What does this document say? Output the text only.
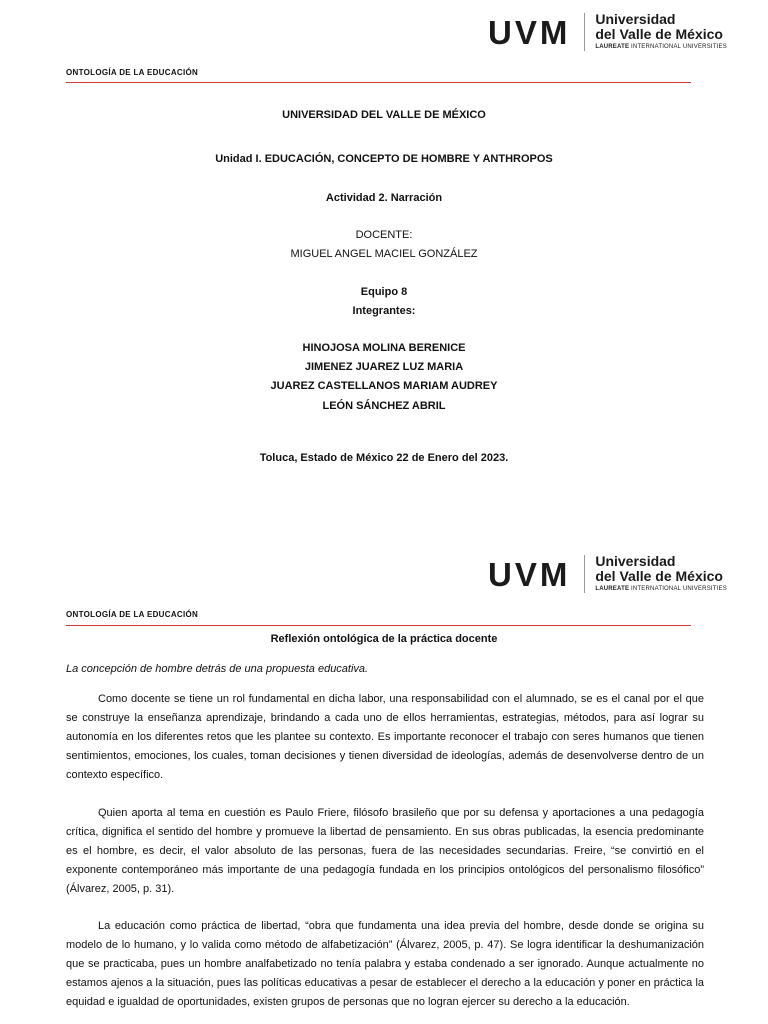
UVM Universidad
del Valle de México
LAUREATE INTERNATIONAL UNIVERSITIES
ONTOLOGÍA DE LA EDUCACIÓN
UNIVERSIDAD DEL VALLE DE MÉXICO
Unidad I. EDUCACIÓN, CONCEPTO DE HOMBRE Y ANTHROPOS
Actividad 2. Narración
DOCENTE:
MIGUEL ANGEL MACIEL GONZÁLEZ
Equipo 8
Integrantes:
HINOJOSA MOLINA BERENICE
JIMENEZ JUAREZ LUZ MARIA
JUAREZ CASTELLANOS MARIAM AUDREY
LEÓN SÁNCHEZ ABRIL
Toluca, Estado de México 22 de Enero del 2023.
UVM Universidad
del Valle de México
LAUREATE INTERNATIONAL UNIVERSITIES
ONTOLOGÍA DE LA EDUCACIÓN
Reflexión ontológica de la práctica docente
La concepción de hombre detrás de una propuesta educativa.

Como docente se tiene un rol fundamental en dicha labor, una responsabilidad con el alumnado, se es el canal por el que se construye la enseñanza aprendizaje, brindando a cada uno de ellos herramientas, estrategias, métodos, para así lograr su autonomía en los diferentes retos que les plantee su contexto. Es importante reconocer el trabajo con seres humanos que tienen sentimientos, emociones, los cuales, toman decisiones y tienen diversidad de ideologías, además de desenvolverse dentro de un contexto específico.

Quien aporta al tema en cuestión es Paulo Friere, filósofo brasileño que por su defensa y aportaciones a una pedagogía crítica, dignifica el sentido del hombre y promueve la libertad de pensamiento. En sus obras publicadas, la esencia predominante es el hombre, es decir, el valor absoluto de las personas, fuera de las necesidades secundarias. Freire, “se convirtió en el exponente contemporáneo más importante de una pedagogía fundada en los principios ontológicos del personalismo filosófico” (Álvarez, 2005, p. 31).

La educación como práctica de libertad, “obra que fundamenta una idea previa del hombre, desde donde se origina su modelo de lo humano, y lo valida como método de alfabetización” (Álvarez, 2005, p. 47). Se logra identificar la deshumanización que se practicaba, pues un hombre analfabetizado no tenía palabra y estaba condenado a ser ignorado. Aunque actualmente no estamos ajenos a la situación, pues las políticas educativas a pesar de establecer el derecho a la educación y poner en práctica la equidad e igualdad de oportunidades, existen grupos de personas que no logran ejercer su derecho a la educación.
